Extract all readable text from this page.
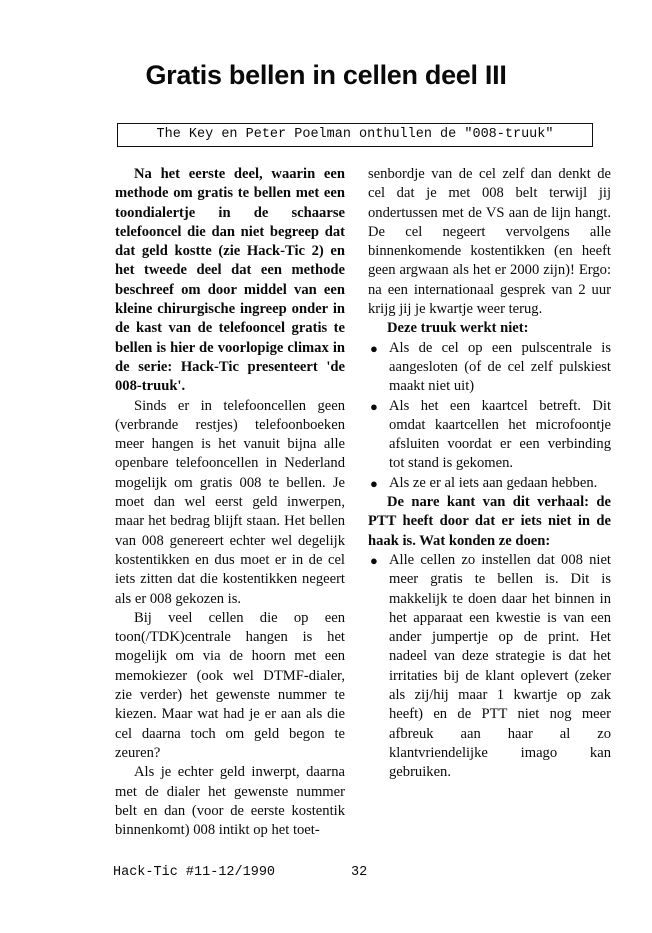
Gratis bellen in cellen deel III
The Key en Peter Poelman onthullen de "008-truuk"

Na het eerste deel, waarin een methode om gratis te bellen met een toondialertje in de schaarse telefooncel die dan niet begreep dat dat geld kostte (zie Hack-Tic 2) en het tweede deel dat een methode beschreef om door middel van een kleine chirurgische ingreep onder in de kast van de telefooncel gratis te bellen is hier de voorlopige climax in de serie: Hack-Tic presenteert 'de 008-truuk'.

Sinds er in telefooncellen geen (verbrande restjes) telefoonboeken meer hangen is het vanuit bijna alle openbare telefooncellen in Nederland mogelijk om gratis 008 te bellen. Je moet dan wel eerst geld inwerpen, maar het bedrag blijft staan. Het bellen van 008 genereert echter wel degelijk kostentikken en dus moet er in de cel iets zitten dat die kostentikken negeert als er 008 gekozen is.

Bij veel cellen die op een toon(/TDK)centrale hangen is het mogelijk om via de hoorn met een memokiezer (ook wel DTMF-dialer, zie verder) het gewenste nummer te kiezen. Maar wat had je er aan als die cel daarna toch om geld begon te zeuren?

Als je echter geld inwerpt, daarna met de dialer het gewenste nummer belt en dan (voor de eerste kostentik binnenkomt) 008 intikt op het toet-

senbordje van de cel zelf dan denkt de cel dat je met 008 belt terwijl jij ondertussen met de VS aan de lijn hangt. De cel negeert vervolgens alle binnenkomende kostentikken (en heeft geen argwaan als het er 2000 zijn)! Ergo: na een internationaal gesprek van 2 uur krijg jij je kwartje weer terug.

Deze truuk werkt niet:

● Als de cel op een pulscentrale is aangesloten (of de cel zelf pulskiest maakt niet uit)
● Als het een kaartcel betreft. Dit omdat kaartcellen het microfoontje afsluiten voordat er een verbinding tot stand is gekomen.
● Als ze er al iets aan gedaan hebben.

De nare kant van dit verhaal: de PTT heeft door dat er iets niet in de haak is. Wat konden ze doen:

● Alle cellen zo instellen dat 008 niet meer gratis te bellen is. Dit is makkelijk te doen daar het binnen in het apparaat een kwestie is van een ander jumpertje op de print. Het nadeel van deze strategie is dat het irritaties bij de klant oplevert (zeker als zij/hij maar 1 kwartje op zak heeft) en de PTT niet nog meer afbreuk aan haar al zo klantvriendelijke imago kan gebruiken.
Hack-Tic #11-12/1990	32
